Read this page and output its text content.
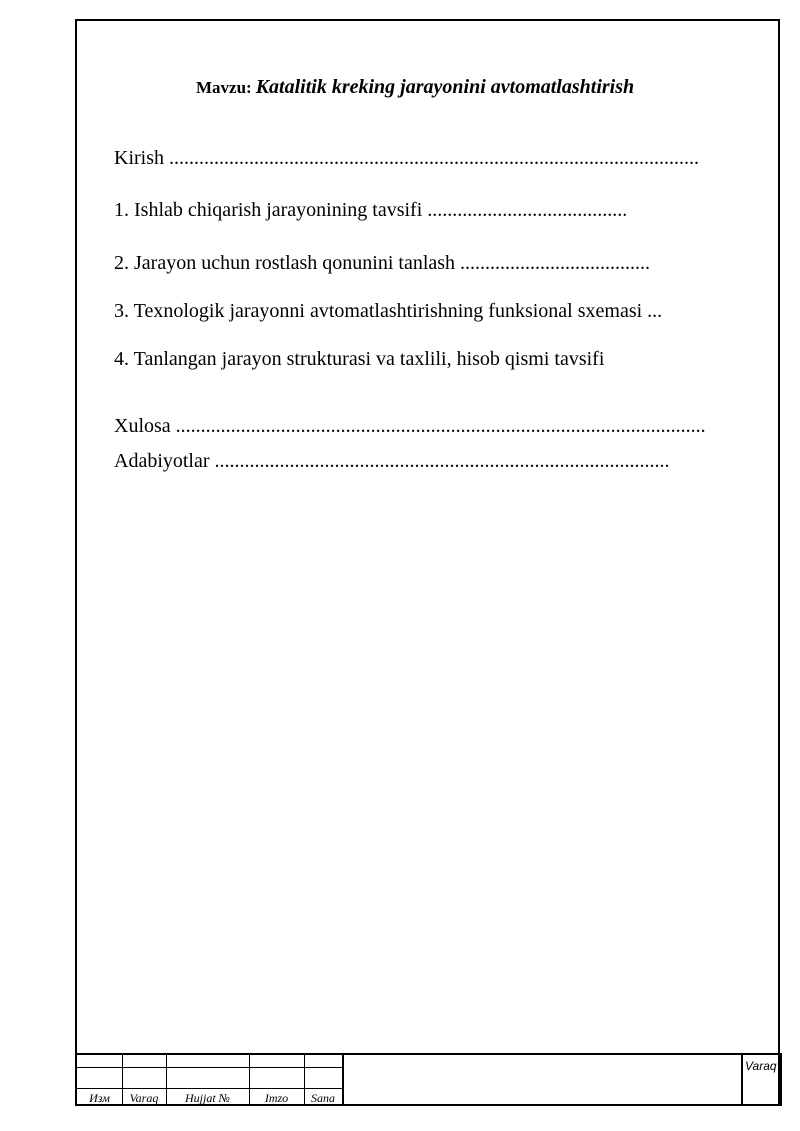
Mavzu: Katalitik kreking jarayonini avtomatlashtirish
Kirish ..........................................................................................................
1. Ishlab chiqarish jarayonining tavsifi ........................................
2. Jarayon uchun rostlash qonunini tanlash ......................................
3. Texnologik jarayonni avtomatlashtirishning funksional sxemasi ...
4. Tanlangan jarayon strukturasi va taxlili, hisob qismi tavsifi
Xulosa ..........................................................................................................
Adabiyotlar ...........................................................................................
Изм	Varaq	Hujjat №	Imzo	Sana
Varaq
